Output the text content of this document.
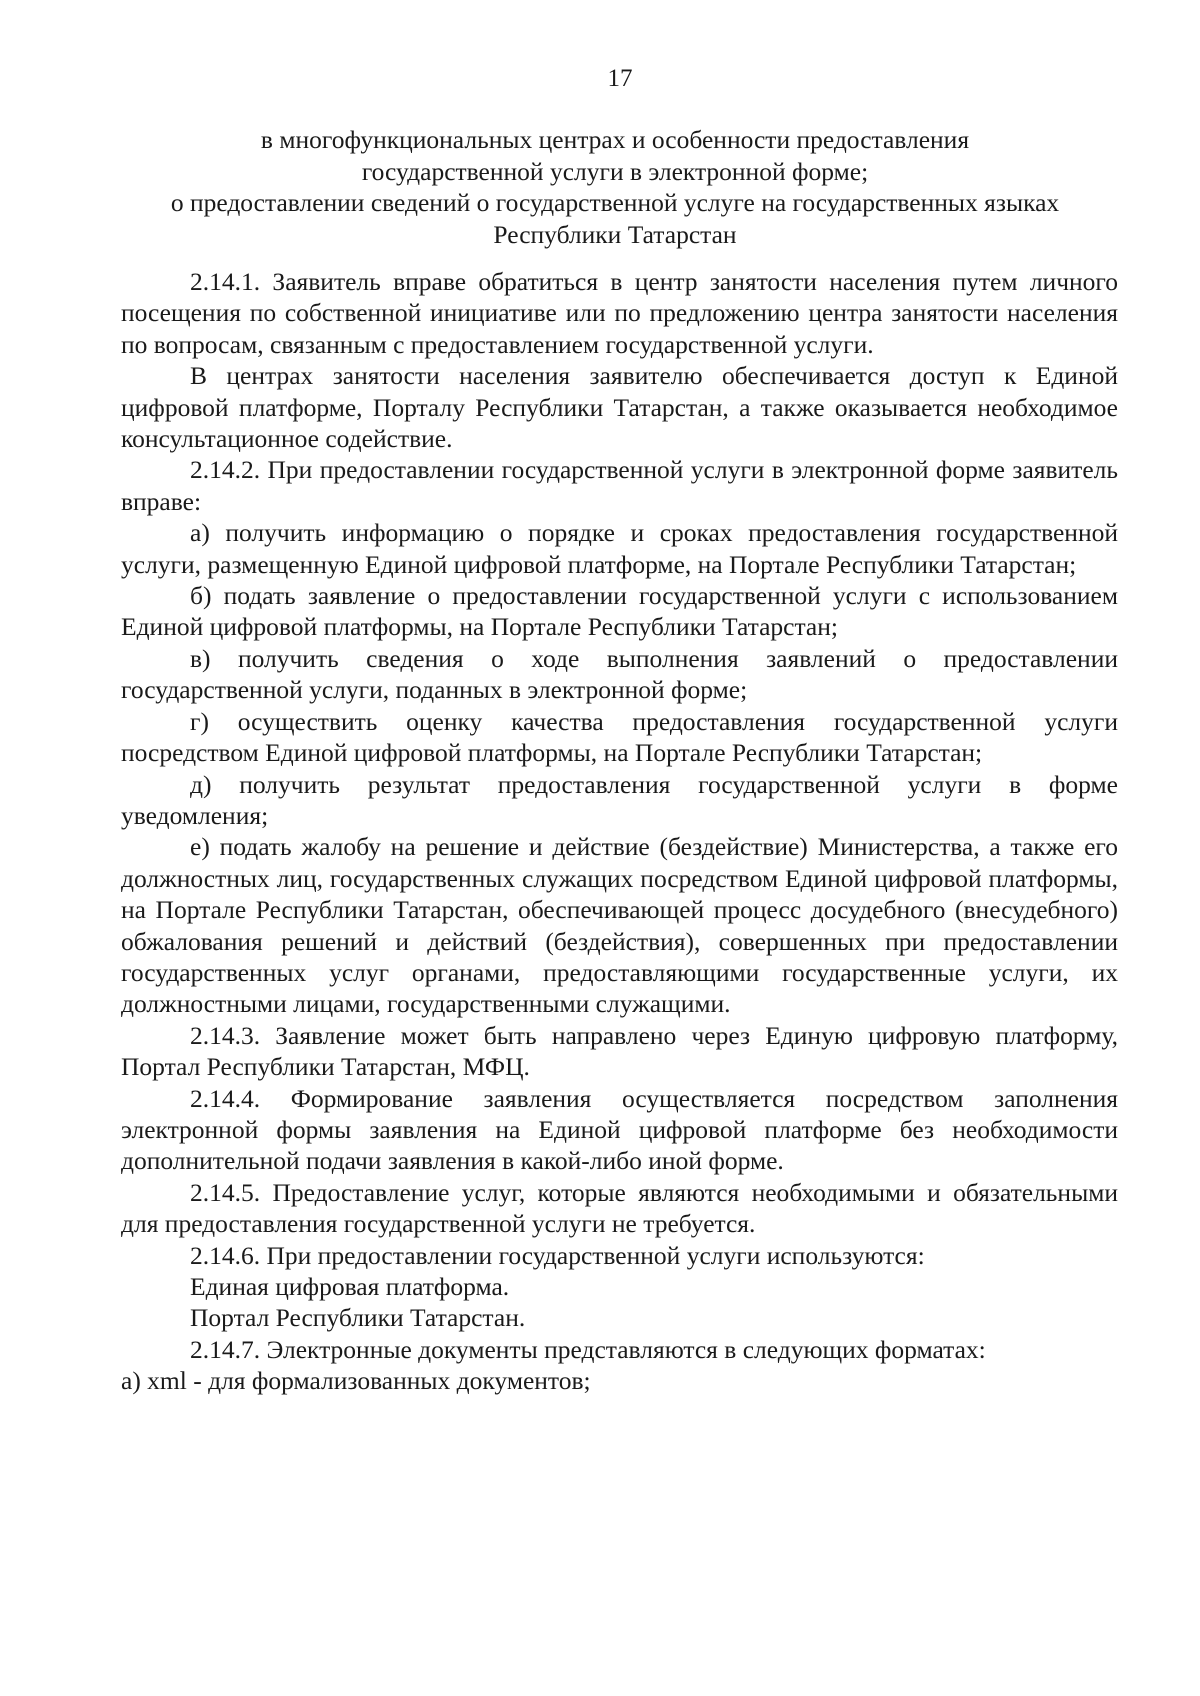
17
в многофункциональных центрах и особенности предоставления
государственной услуги в электронной форме;
о предоставлении сведений о государственной услуге на государственных языках
Республики Татарстан

2.14.1. Заявитель вправе обратиться в центр занятости населения путем личного посещения по собственной инициативе или по предложению центра занятости населения по вопросам, связанным с предоставлением государственной услуги.

В центрах занятости населения заявителю обеспечивается доступ к Единой цифровой платформе, Порталу Республики Татарстан, а также оказывается необходимое консультационное содействие.

2.14.2. При предоставлении государственной услуги в электронной форме заявитель вправе:

а) получить информацию о порядке и сроках предоставления государственной услуги, размещенную Единой цифровой платформе, на Портале Республики Татарстан;

б) подать заявление о предоставлении государственной услуги с использованием Единой цифровой платформы, на Портале Республики Татарстан;

в) получить сведения о ходе выполнения заявлений о предоставлении государственной услуги, поданных в электронной форме;

г) осуществить оценку качества предоставления государственной услуги посредством Единой цифровой платформы, на Портале Республики Татарстан;

д) получить результат предоставления государственной услуги в форме уведомления;

е) подать жалобу на решение и действие (бездействие) Министерства, а также его должностных лиц, государственных служащих посредством Единой цифровой платформы, на Портале Республики Татарстан, обеспечивающей процесс досудебного (внесудебного) обжалования решений и действий (бездействия), совершенных при предоставлении государственных услуг органами, предоставляющими государственные услуги, их должностными лицами, государственными служащими.

2.14.3. Заявление может быть направлено через Единую цифровую платформу, Портал Республики Татарстан, МФЦ.

2.14.4. Формирование заявления осуществляется посредством заполнения электронной формы заявления на Единой цифровой платформе без необходимости дополнительной подачи заявления в какой-либо иной форме.

2.14.5. Предоставление услуг, которые являются необходимыми и обязательными для предоставления государственной услуги не требуется.

2.14.6. При предоставлении государственной услуги используются:

Единая цифровая платформа.

Портал Республики Татарстан.

2.14.7. Электронные документы представляются в следующих форматах:

а) xml - для формализованных документов;
